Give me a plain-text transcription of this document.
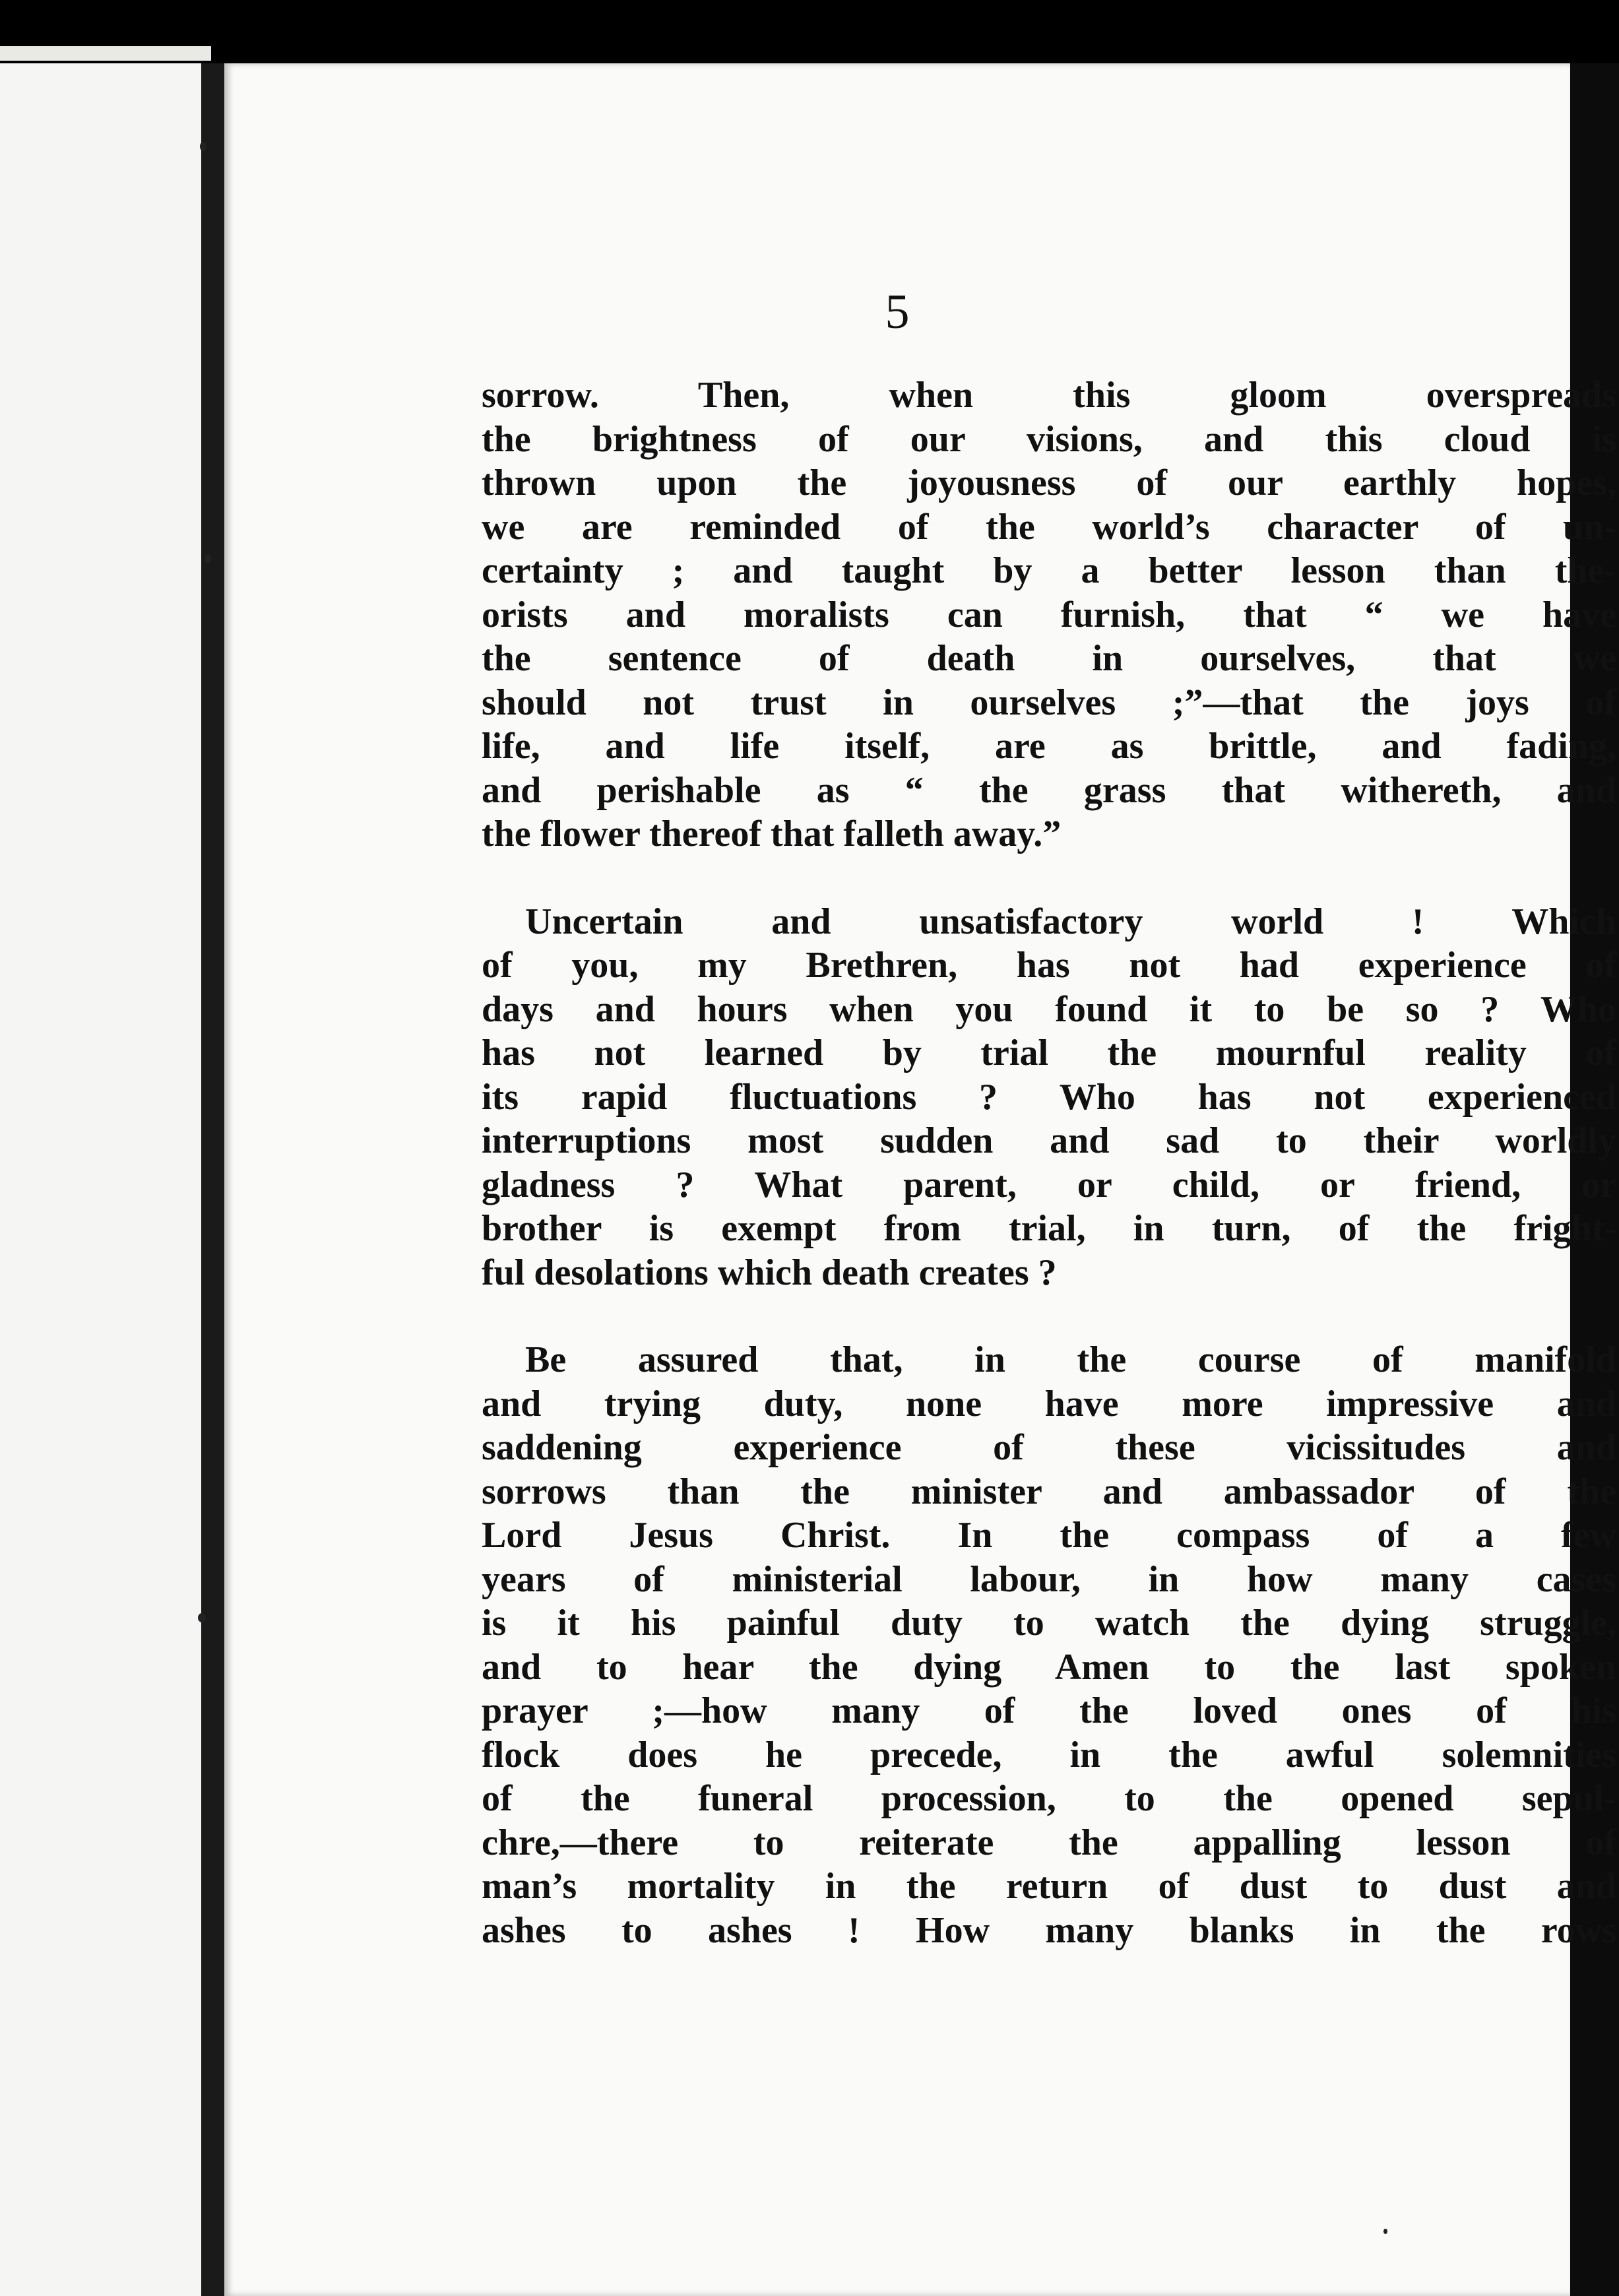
5

sorrow. Then, when this gloom overspreads
the brightness of our visions, and this cloud is
thrown upon the joyousness of our earthly hopes,
we are reminded of the world’s character of un-
certainty ; and taught by a better lesson than the-
orists and moralists can furnish, that “ we have
the sentence of death in ourselves, that we
should not trust in ourselves ;”—that the joys of
life, and life itself, are as brittle, and fading,
and perishable as “ the grass that withereth, and
the flower thereof that falleth away.”

Uncertain and unsatisfactory world ! Which
of you, my Brethren, has not had experience of
days and hours when you found it to be so ? Who
has not learned by trial the mournful reality of
its rapid fluctuations ? Who has not experienced
interruptions most sudden and sad to their worldly
gladness ? What parent, or child, or friend, or
brother is exempt from trial, in turn, of the fright-
ful desolations which death creates ?

Be assured that, in the course of manifold
and trying duty, none have more impressive and
saddening experience of these vicissitudes and
sorrows than the minister and ambassador of the
Lord Jesus Christ. In the compass of a few
years of ministerial labour, in how many cases
is it his painful duty to watch the dying struggle,
and to hear the dying Amen to the last spoken
prayer ;—how many of the loved ones of his
flock does he precede, in the awful solemnities
of the funeral procession, to the opened sepul-
chre,—there to reiterate the appalling lesson of
man’s mortality in the return of dust to dust and
ashes to ashes ! How many blanks in the rows
